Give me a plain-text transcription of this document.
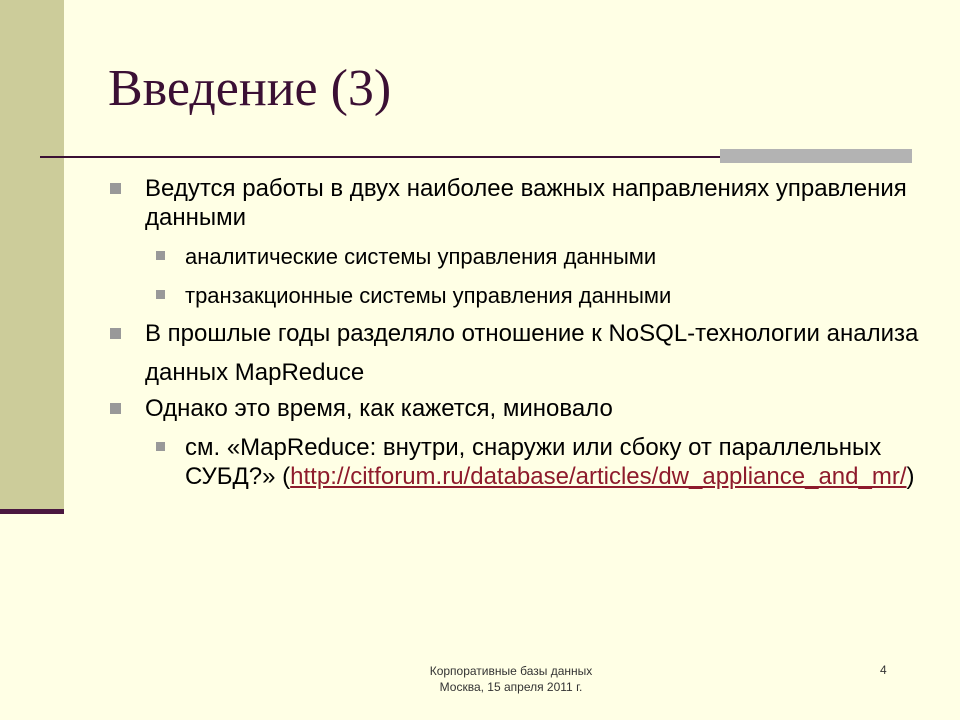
Введение (3)
Ведутся работы в двух наиболее важных направлениях управления данными
аналитические системы управления данными
транзакционные системы управления данными
В прошлые годы разделяло отношение к NoSQL-технологии анализа данных MapReduce
Однако это время, как кажется, миновало
см. «MapReduce: внутри, снаружи или сбоку от параллельных СУБД?» (http://citforum.ru/database/articles/dw_appliance_and_mr/)
Корпоративные базы данных
Москва, 15 апреля 2011 г.
4
